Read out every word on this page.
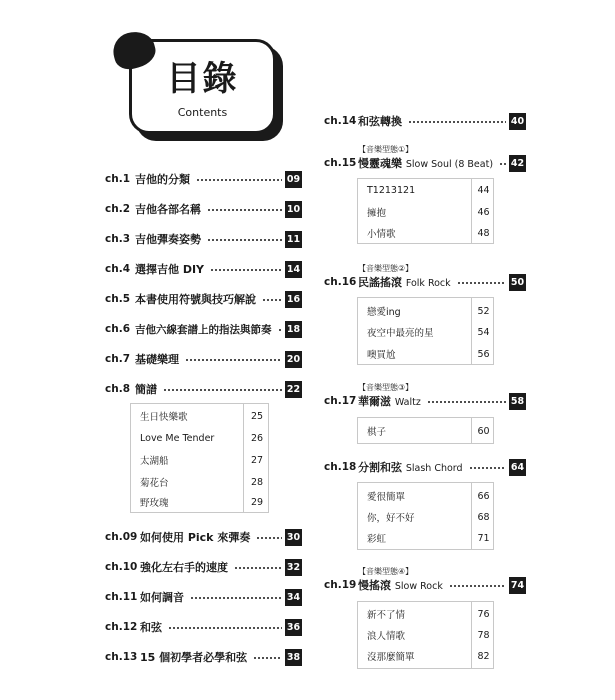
目錄
Contents
ch.1 吉他的分類	09
ch.2 吉他各部名稱	10
ch.3 吉他彈奏姿勢	11
ch.4 選擇吉他 DIY	14
ch.5 本書使用符號與技巧解說	16
ch.6 吉他六線套譜上的指法與節奏	18
ch.7 基礎樂理	20
ch.8 簡譜	22
生日快樂歌	25
Love Me Tender	26
太湖船	27
菊花台	28
野玫瑰	29
ch.09 如何使用 Pick 來彈奏	30
ch.10 強化左右手的速度	32
ch.11 如何調音	34
ch.12 和弦	36
ch.13 15 個初學者必學和弦	38
ch.14 和弦轉換	40
【音樂型態①】
ch.15 慢靈魂樂 Slow Soul (8 Beat)	42
T1213121	44
擁抱	46
小情歌	48
【音樂型態②】
ch.16 民謠搖滾 Folk Rock	50
戀愛ing	52
夜空中最亮的星	54
噢買尬	56
【音樂型態③】
ch.17 華爾滋 Waltz	58
棋子	60
ch.18 分割和弦 Slash Chord	64
愛很簡單	66
你，好不好	68
彩虹	71
【音樂型態④】
ch.19 慢搖滾 Slow Rock	74
新不了情	76
浪人情歌	78
沒那麼簡單	82
